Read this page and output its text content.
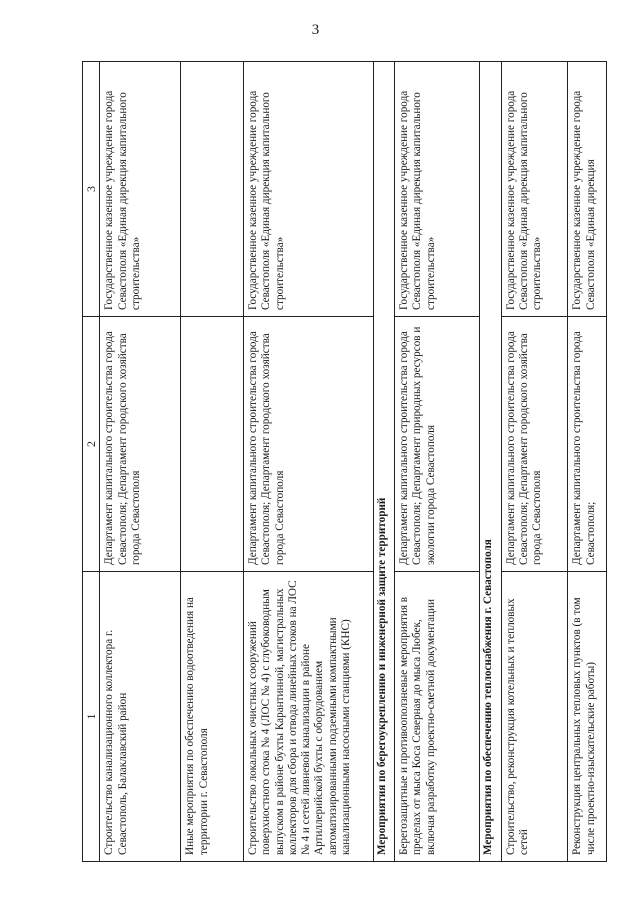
3
1	2	3
Строительство канализационного коллектора г. Севастополь, Балаклавский район	Департамент капитального строительства города Севастополя; Департамент городского хозяйства города Севастополя	Государственное казенное учреждение города Севастополя «Единая дирекция капитального строительства»
Иные мероприятия по обеспечению водоотведения на территории г. Севастополя		
Строительство локальных очистных сооружений поверхностного стока № 4 (ЛОС № 4) с глубоководным выпуском в районе бухты Карантинной, магистральных коллекторов для сбора и отвода линейных стоков на ЛОС № 4 и сетей ливневой канализации в районе Артиллерийской бухты с оборудованием автоматизированными подземными компактными канализационными насосными станциями (КНС)	Департамент капитального строительства города Севастополя; Департамент городского хозяйства города Севастополя	Государственное казенное учреждение города Севастополя «Единая дирекция капитального строительства»
Мероприятия по берегоукреплению и инженерной защите территорий		
Берегозащитные и противооползневые мероприятия в пределах от мыса Коса Северная до мыса Любек, включая разработку проектно-сметной документации	Департамент капитального строительства города Севастополя; Департамент природных ресурсов и экологии города Севастополя	Государственное казенное учреждение города Севастополя «Единая дирекция капитального строительства»
Мероприятия по обеспечению теплоснабжения г. Севастополя		
Строительство, реконструкция котельных и тепловых сетей	Департамент капитального строительства города Севастополя; Департамент городского хозяйства города Севастополя	Государственное казенное учреждение города Севастополя «Единая дирекция капитального строительства»
Реконструкция центральных тепловых пунктов (в том числе проектно-изыскательские работы)	Департамент капитального строительства города Севастополя;	Государственное казенное учреждение города Севастополя «Единая дирекция
